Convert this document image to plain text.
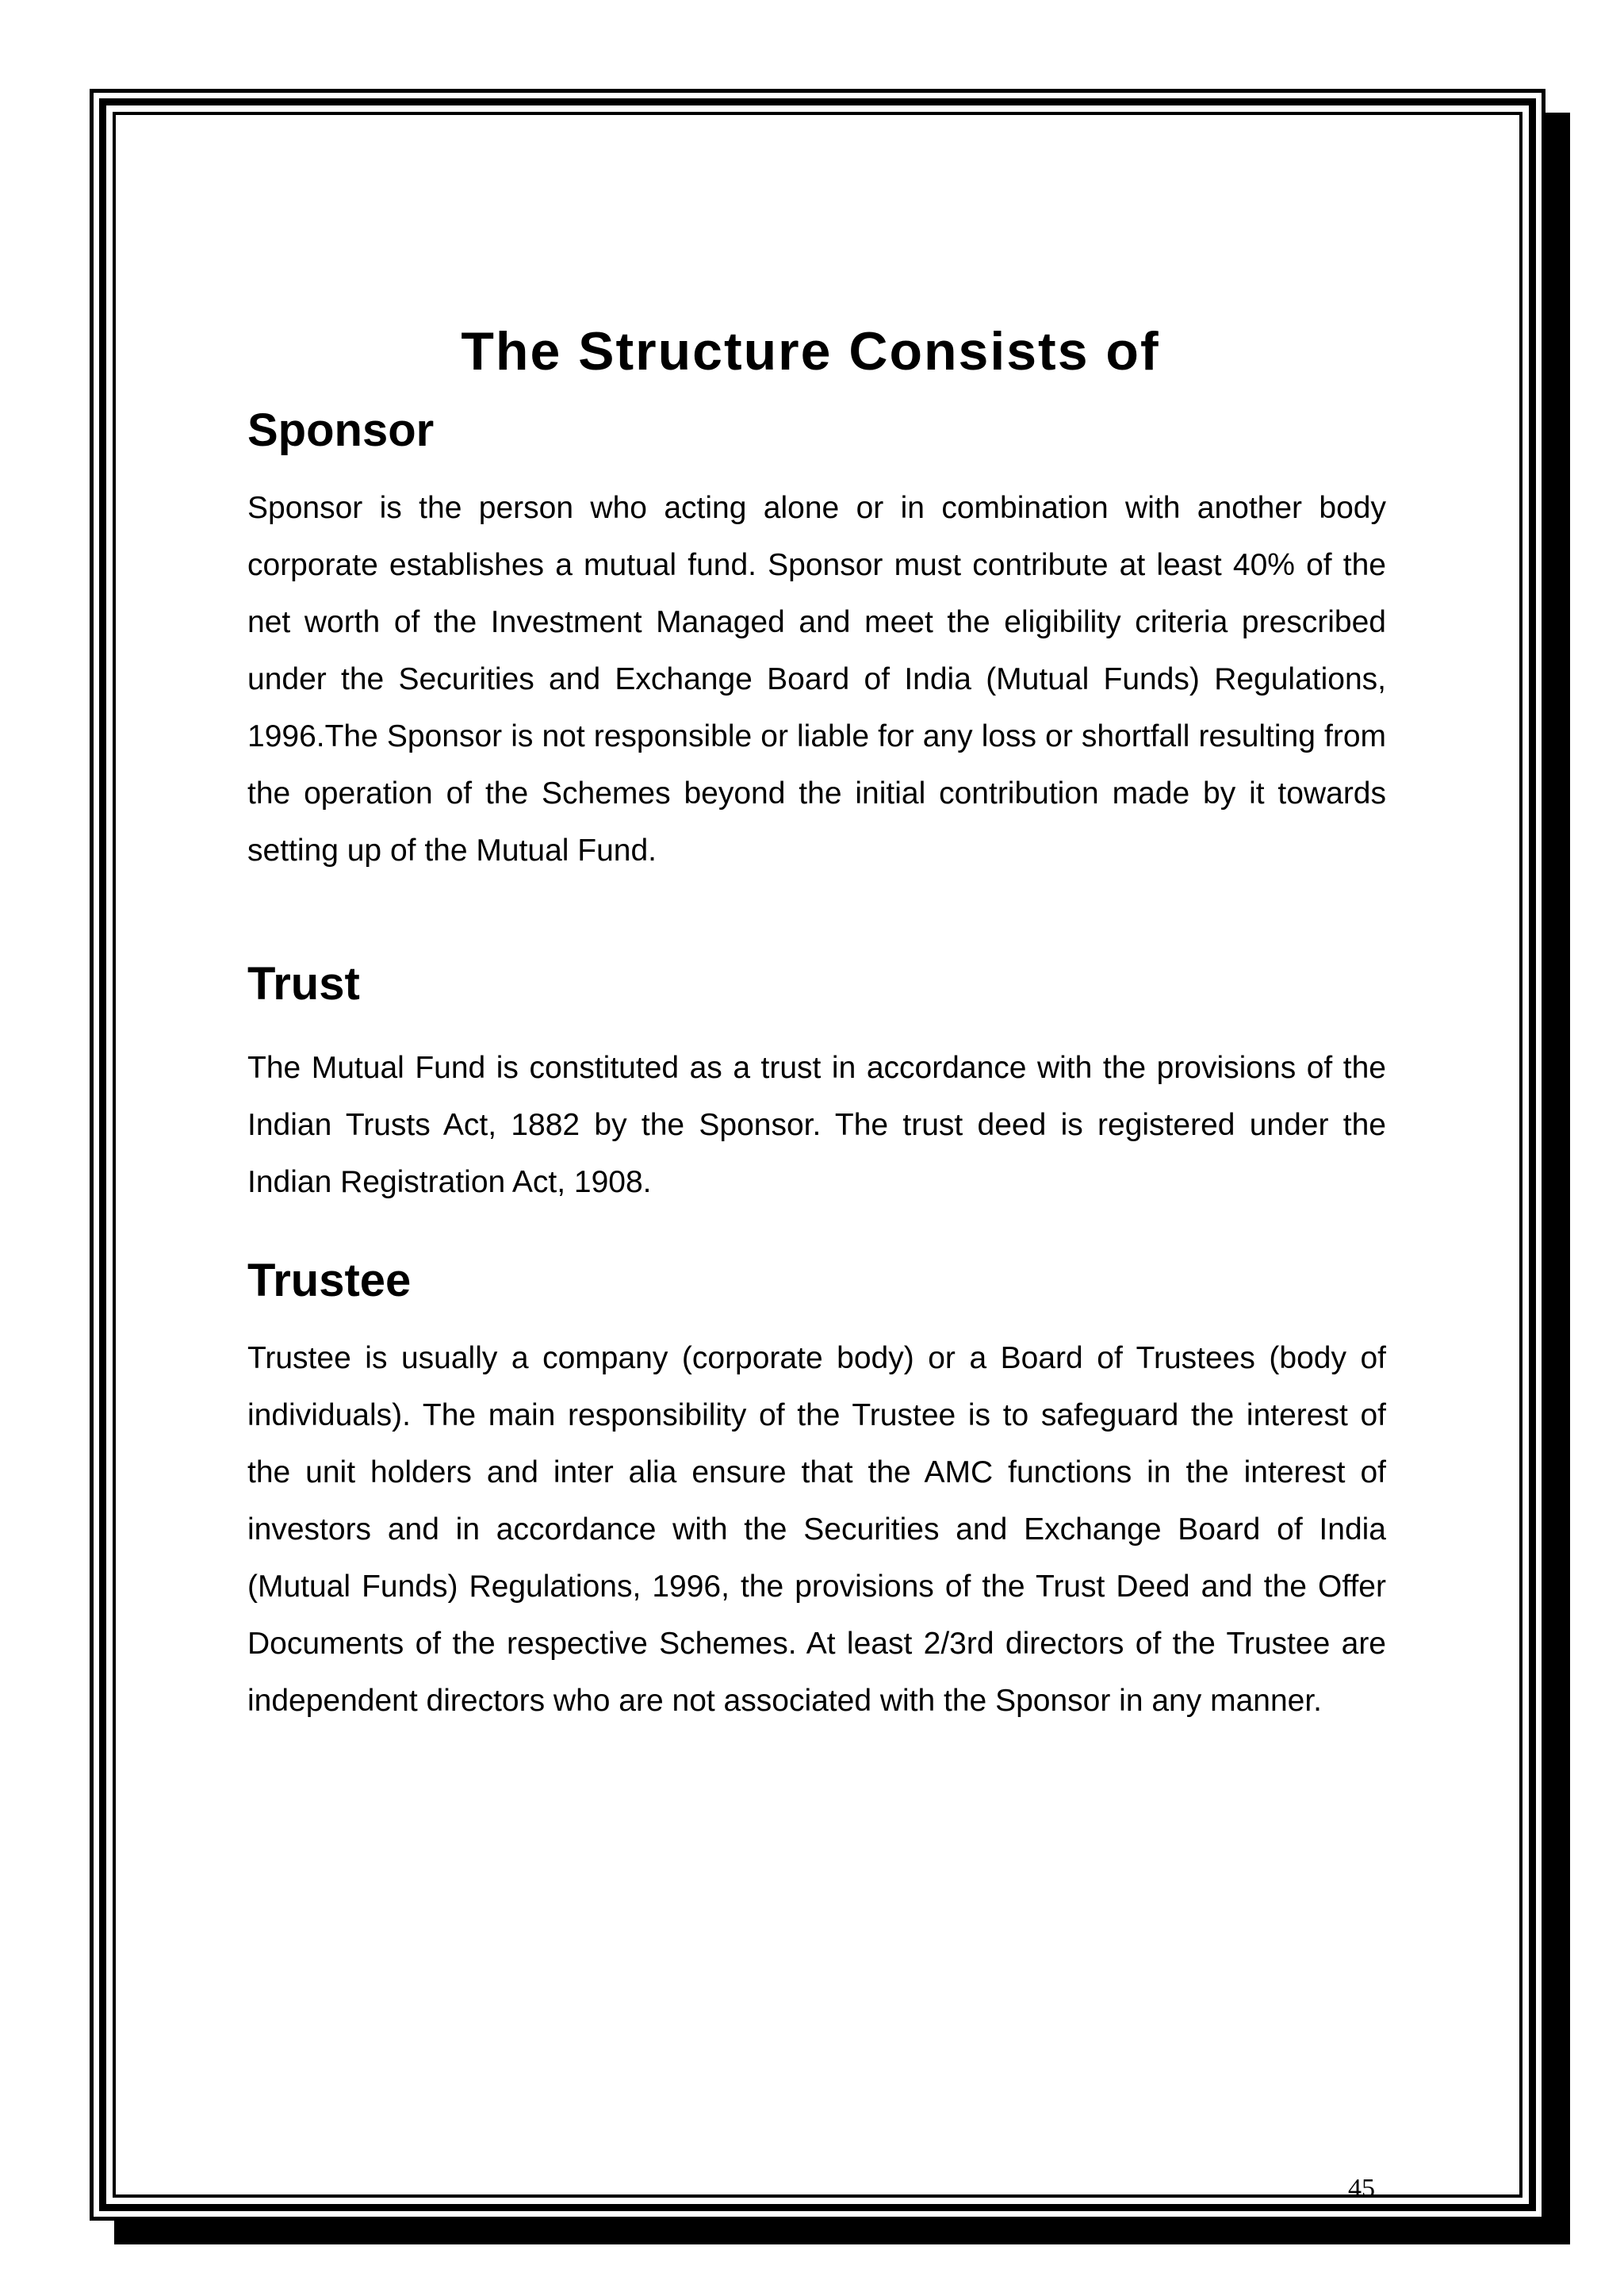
The Structure Consists of
Sponsor

Sponsor is the person who acting alone or in combination with another body corporate establishes a mutual fund. Sponsor must contribute at least 40% of the net worth of the Investment Managed and meet the eligibility criteria prescribed under the Securities and Exchange Board of India (Mutual Funds) Regulations, 1996.The Sponsor is not responsible or liable for any loss or shortfall resulting from the operation of the Schemes beyond the initial contribution made by it towards setting up of the Mutual Fund.

Trust

The Mutual Fund is constituted as a trust in accordance with the provisions of the Indian Trusts Act, 1882 by the Sponsor. The trust deed is registered under the Indian Registration Act, 1908.

Trustee

Trustee is usually a company (corporate body) or a Board of Trustees (body of individuals). The main responsibility of the Trustee is to safeguard the interest of the unit holders and inter alia ensure that the AMC functions in the interest of investors and in accordance with the Securities and Exchange Board of India (Mutual Funds) Regulations, 1996, the provisions of the Trust Deed and the Offer Documents of the respective Schemes. At least 2/3rd directors of the Trustee are independent directors who are not associated with the Sponsor in any manner.

45
